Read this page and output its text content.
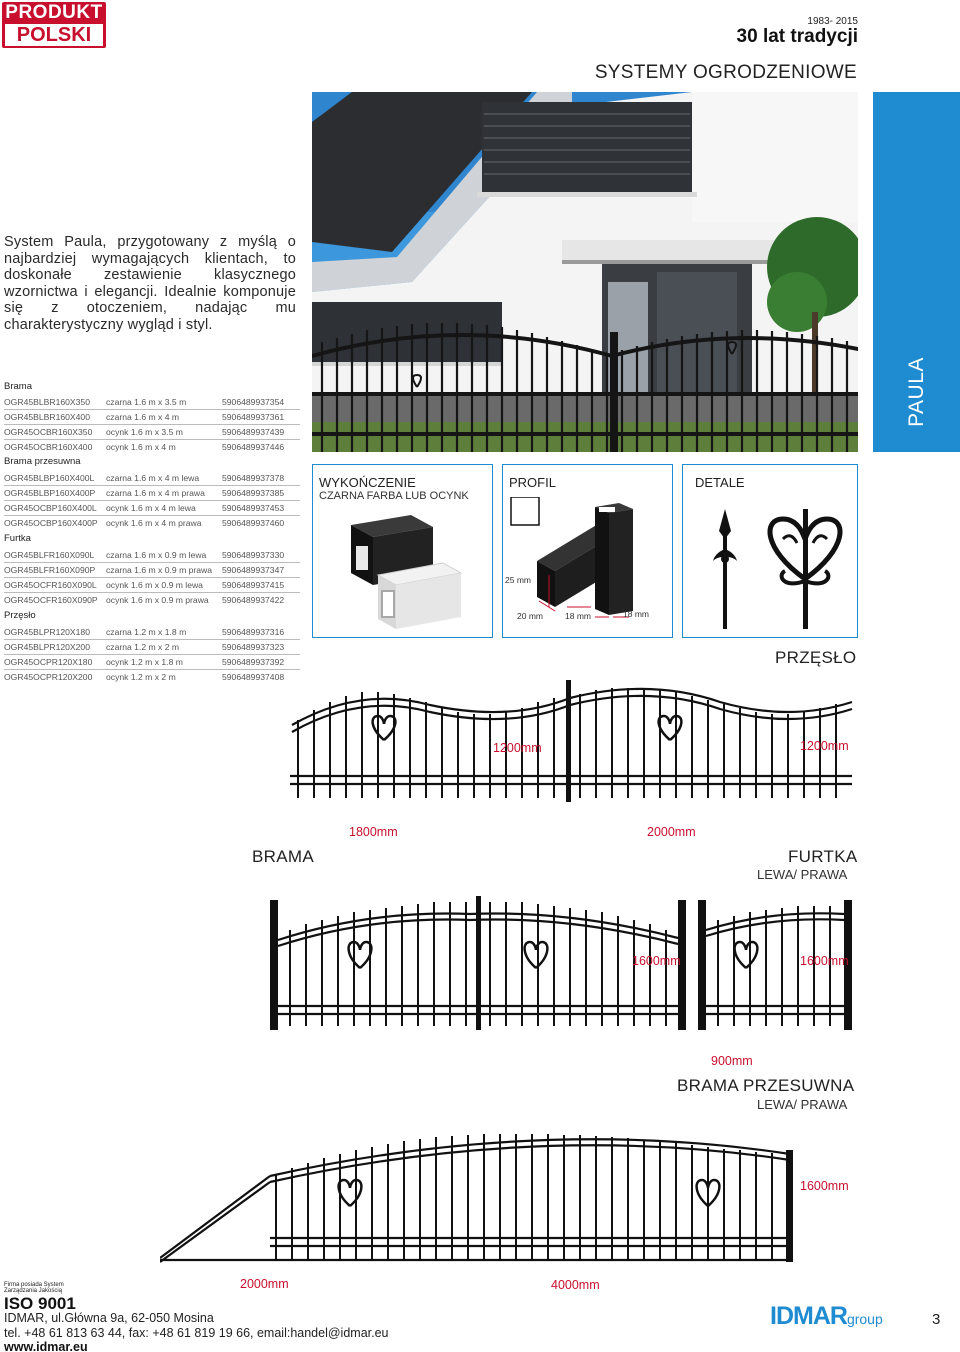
PRODUKT
POLSKI
1983- 2015
30 lat tradycji
SYSTEMY OGRODZENIOWE
PAULA
System Paula, przygotowany z myślą o najbardziej wymagających klientach, to doskonałe zestawienie klasycznego wzornictwa i elegancji. Idealnie komponuje się z otoczeniem, nadając mu charakterystyczny wygląd i styl.
Brama
OGR45BLBR160X350 czarna 1.6 m x 3.5 m	5906489937354
OGR45BLBR160X400 czarna 1.6 m x 4 m	5906489937361
OGR45OCBR160X350 ocynk 1.6 m x 3.5 m	5906489937439
OGR45OCBR160X400 ocynk 1.6 m x 4 m	5906489937446
Brama przesuwna
OGR45BLBP160X400L czarna 1.6 m x 4 m lewa	5906489937378
OGR45BLBP160X400P czarna 1.6 m x 4 m prawa 5906489937385
OGR45OCBP160X400L ocynk 1.6 m x 4 m lewa	5906489937453
OGR45OCBP160X400P ocynk 1.6 m x 4 m prawa 5906489937460
Furtka
OGR45BLFR160X090L czarna 1.6 m x 0.9 m lewa 5906489937330
OGR45BLFR160X090P czarna 1.6 m x 0.9 m prawa 5906489937347
OGR45OCFR160X090L ocynk 1.6 m x 0.9 m lewa 5906489937415
OGR45OCFR160X090P ocynk 1.6 m x 0.9 m prawa 5906489937422
Przęsło
OGR45BLPR120X180 czarna 1.2 m x 1.8 m	5906489937316
OGR45BLPR120X200 czarna 1.2 m x 2 m	5906489937323
OGR45OCPR120X180 ocynk 1.2 m x 1.8 m	5906489937392
OGR45OCPR120X200 ocynk 1.2 m x 2 m	5906489937408
WYKOŃCZENIE
CZARNA FARBA LUB OCYNK
PROFIL
25 mm
20 mm	18 mm	18 mm
DETALE
PRZĘSŁO
1200mm	1200mm
1800mm	2000mm
BRAMA	FURTKA
LEWA/ PRAWA
1600mm	1600mm
900mm
BRAMA PRZESUWNA
LEWA/ PRAWA
1600mm
2000mm	4000mm
Firma posiada System
Zarządzania Jakością
ISO 9001
IDMAR, ul.Główna 9a, 62-050 Mosina
tel. +48 61 813 63 44, fax: +48 61 819 19 66, email:handel@idmar.eu
www.idmar.eu
IDMARgroup	3
